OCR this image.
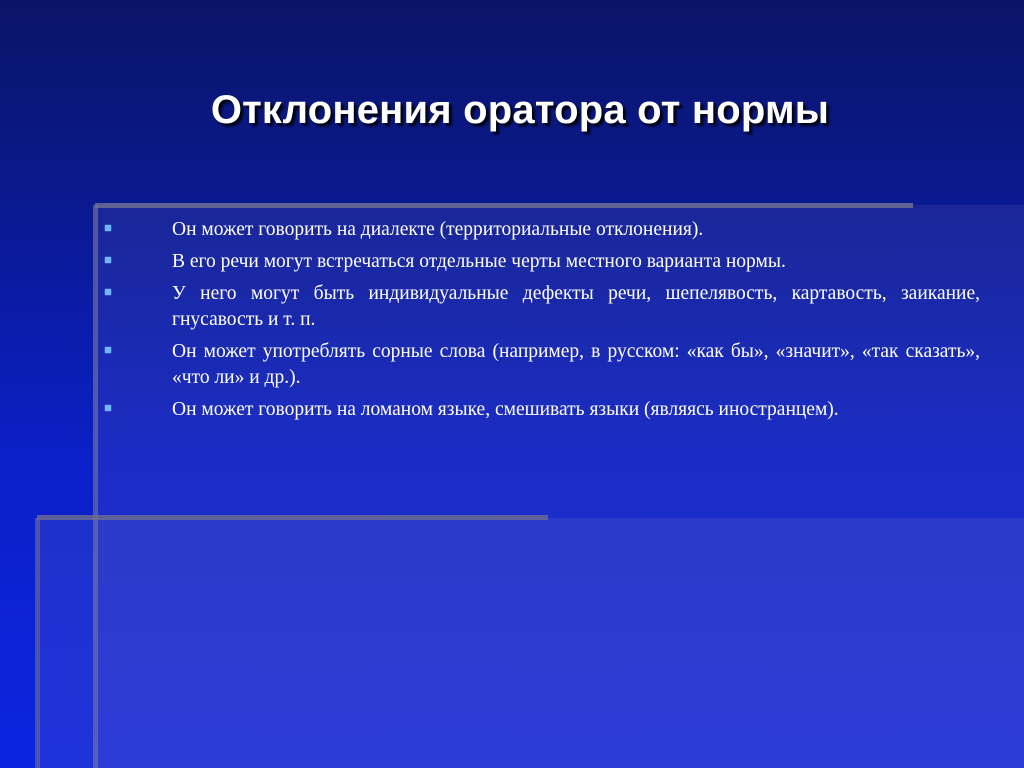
Отклонения оратора от нормы
Он может говорить на диалекте (территориальные отклонения).
В его речи могут встречаться отдельные черты местного варианта нормы.
У него могут быть индивидуальные дефекты речи, шепелявость, картавость, заикание, гнусавость и т. п.
Он может употреблять сорные слова (например, в русском: «как бы», «значит», «так сказать», «что ли» и др.).
Он может говорить на ломаном языке, смешивать языки (являясь иностранцем).
